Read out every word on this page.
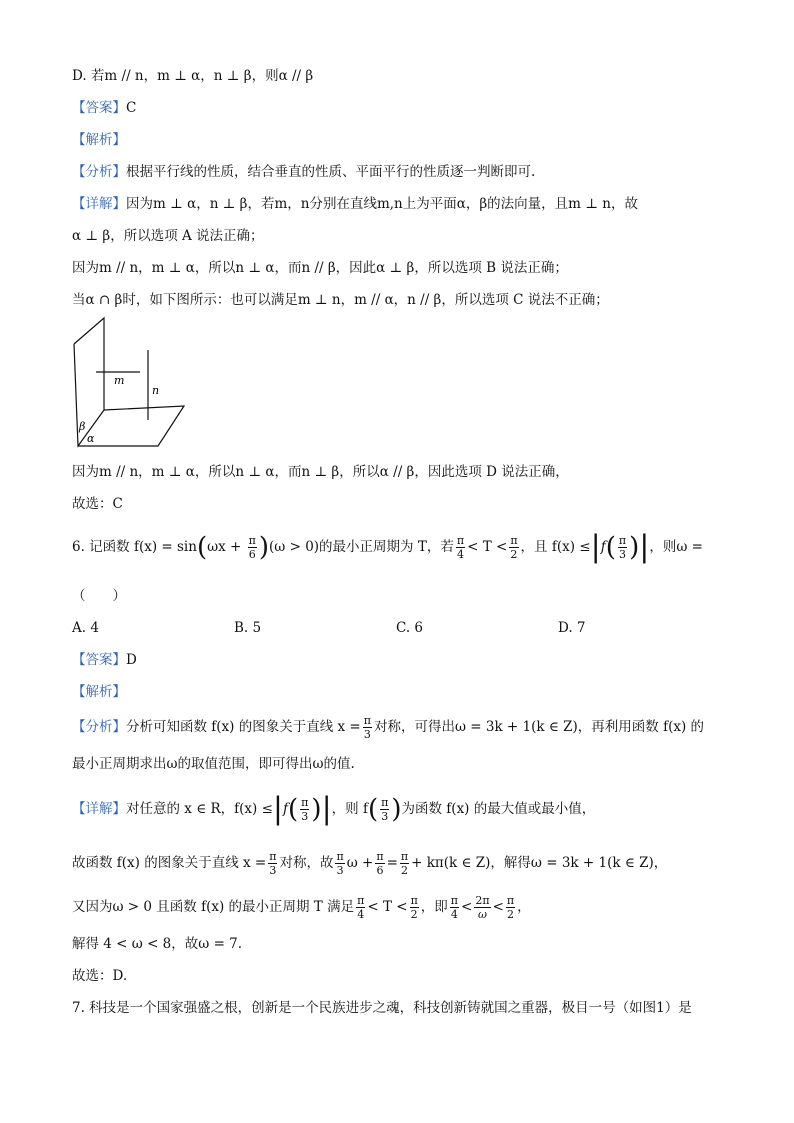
D. 若m // n，m ⊥ α，n ⊥ β，则α // β
【答案】C
【解析】
【分析】根据平行线的性质，结合垂直的性质、平面平行的性质逐一判断即可.
【详解】因为m ⊥ α，n ⊥ β，若m，n分别在直线m,n上为平面α，β的法向量，且m ⊥ n，故
α ⊥ β，所以选项 A 说法正确；
因为m // n，m ⊥ α，所以n ⊥ α，而n // β，因此α ⊥ β，所以选项 B 说法正确；
当α ∩ β时，如下图所示：也可以满足m ⊥ n，m // α，n // β，所以选项 C 说法不正确；
m
n
β
α
因为m // n，m ⊥ α，所以n ⊥ α，而n ⊥ β，所以α // β，因此选项 D 说法正确，
故选：C
6. 记函数 $f(x) = \sin(\omega x + \frac{\pi}{6} )(\omega > 0)$的最小正周期为 T，若 $\frac{\pi}{4} < T < \frac{\pi}{2}$ ，且 $f(x) \le|f( \frac{\pi}{3}$ )|，则ω =
（　　）
A. 4	B. 5	C. 6	D. 7
【答案】D
【解析】
【分析】分析可知函数 f(x) 的图象关于直线 $x = \frac{\pi}{3}$ 对称，可得出ω = 3k + 1(k ∈ Z)，再利用函数 f(x) 的
最小正周期求出ω的取值范围，即可得出ω的值.
【详解】对任意的 x ∈ R，$f(x) \le|f( \frac{\pi}{3}$ )|，则 $f( \frac{\pi}{3}$ )为函数 f(x) 的最大值或最小值，
故函数 f(x) 的图象关于直线 $x = \frac{\pi}{3}$ 对称，故 $\frac{\pi}{3}$ $\omega + \frac{\pi}{6} = \frac{\pi}{2} + k\pi(k$ ∈ Z)，解得ω = 3k + 1(k ∈ Z)，
又因为ω > 0 且函数 f(x) 的最小正周期 T 满足 $\frac{\pi}{4} < T < \frac{\pi}{2}$ ，即 $\frac{\pi}{4} < \frac{2\pi}{\omega} < \frac{\pi}{2}$ ，
解得 4 < ω < 8，故ω = 7.
故选：D.
7. 科技是一个国家强盛之根，创新是一个民族进步之魂，科技创新铸就国之重器，极目一号（如图1）是
